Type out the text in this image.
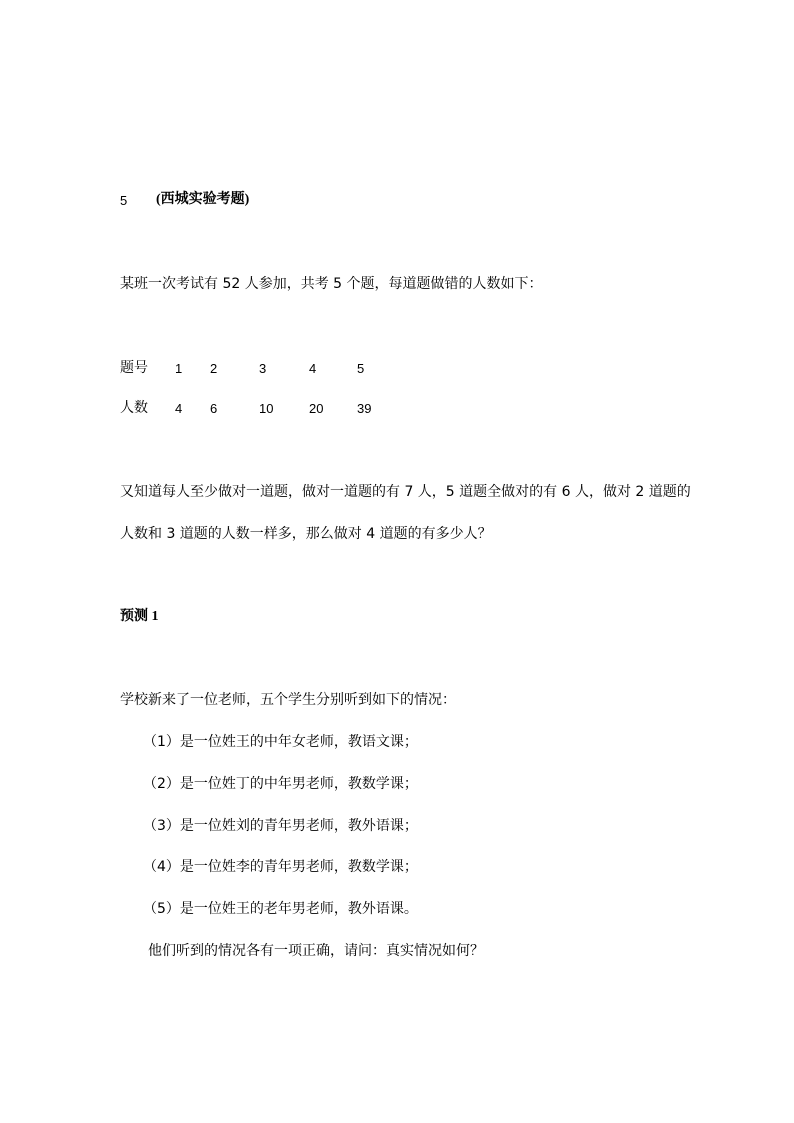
5 (西城实验考题)
某班一次考试有 52 人参加，共考 5 个题，每道题做错的人数如下：
题号 1 2	3	4	5
人数 4 6	10	20	39
又知道每人至少做对一道题，做对一道题的有 7 人，5 道题全做对的有 6 人，做对 2 道题的
人数和 3 道题的人数一样多，那么做对 4 道题的有多少人？
预测 1
学校新来了一位老师，五个学生分别听到如下的情况：
（1）是一位姓王的中年女老师，教语文课；
（2）是一位姓丁的中年男老师，教数学课；
（3）是一位姓刘的青年男老师，教外语课；
（4）是一位姓李的青年男老师，教数学课；
（5）是一位姓王的老年男老师，教外语课。
他们听到的情况各有一项正确，请问：真实情况如何？
